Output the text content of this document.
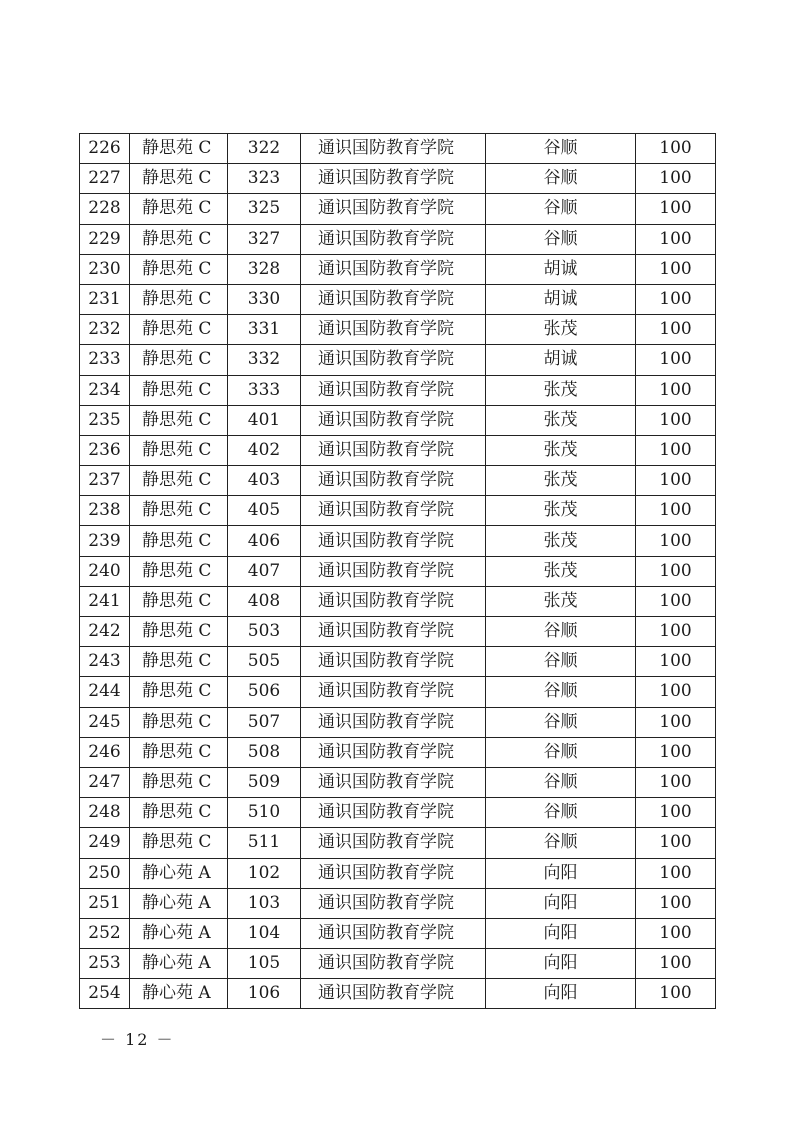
226	静思苑 C	322	通识国防教育学院	谷顺	100
227	静思苑 C	323	通识国防教育学院	谷顺	100
228	静思苑 C	325	通识国防教育学院	谷顺	100
229	静思苑 C	327	通识国防教育学院	谷顺	100
230	静思苑 C	328	通识国防教育学院	胡诚	100
231	静思苑 C	330	通识国防教育学院	胡诚	100
232	静思苑 C	331	通识国防教育学院	张茂	100
233	静思苑 C	332	通识国防教育学院	胡诚	100
234	静思苑 C	333	通识国防教育学院	张茂	100
235	静思苑 C	401	通识国防教育学院	张茂	100
236	静思苑 C	402	通识国防教育学院	张茂	100
237	静思苑 C	403	通识国防教育学院	张茂	100
238	静思苑 C	405	通识国防教育学院	张茂	100
239	静思苑 C	406	通识国防教育学院	张茂	100
240	静思苑 C	407	通识国防教育学院	张茂	100
241	静思苑 C	408	通识国防教育学院	张茂	100
242	静思苑 C	503	通识国防教育学院	谷顺	100
243	静思苑 C	505	通识国防教育学院	谷顺	100
244	静思苑 C	506	通识国防教育学院	谷顺	100
245	静思苑 C	507	通识国防教育学院	谷顺	100
246	静思苑 C	508	通识国防教育学院	谷顺	100
247	静思苑 C	509	通识国防教育学院	谷顺	100
248	静思苑 C	510	通识国防教育学院	谷顺	100
249	静思苑 C	511	通识国防教育学院	谷顺	100
250	静心苑 A	102	通识国防教育学院	向阳	100
251	静心苑 A	103	通识国防教育学院	向阳	100
252	静心苑 A	104	通识国防教育学院	向阳	100
253	静心苑 A	105	通识国防教育学院	向阳	100
254	静心苑 A	106	通识国防教育学院	向阳	100
－ 12 －
